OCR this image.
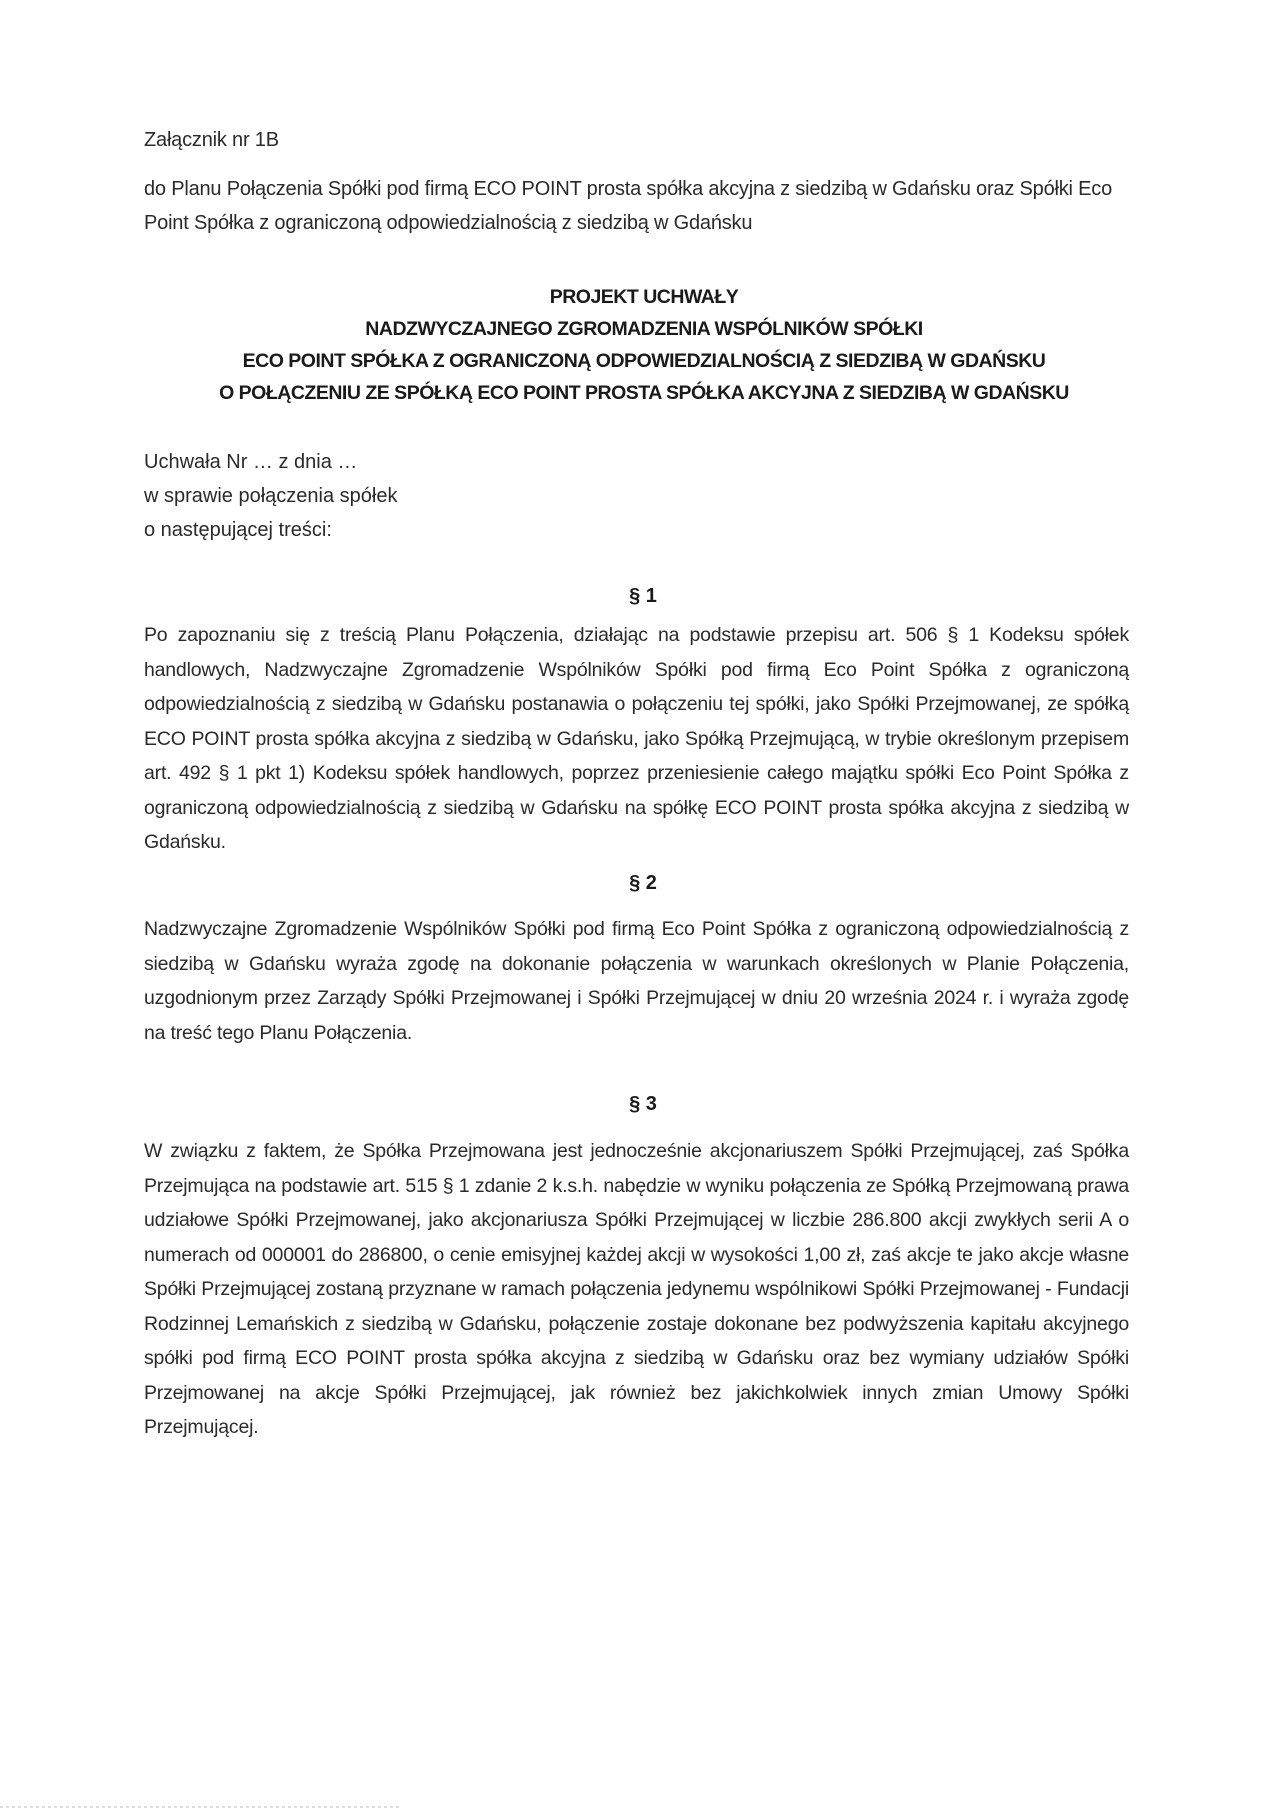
Załącznik nr 1B
do Planu Połączenia Spółki pod firmą ECO POINT prosta spółka akcyjna z siedzibą w Gdańsku oraz Spółki Eco Point Spółka z ograniczoną odpowiedzialnością z siedzibą w Gdańsku
PROJEKT UCHWAŁY
NADZWYCZAJNEGO ZGROMADZENIA WSPÓLNIKÓW SPÓŁKI
ECO POINT SPÓŁKA Z OGRANICZONĄ ODPOWIEDZIALNOŚCIĄ Z SIEDZIBĄ W GDAŃSKU
O POŁĄCZENIU ZE SPÓŁKĄ ECO POINT PROSTA SPÓŁKA AKCYJNA Z SIEDZIBĄ W GDAŃSKU
Uchwała Nr … z dnia …
w sprawie połączenia spółek
o następującej treści:
§ 1
Po zapoznaniu się z treścią Planu Połączenia, działając na podstawie przepisu art. 506 § 1 Kodeksu spółek handlowych, Nadzwyczajne Zgromadzenie Wspólników Spółki pod firmą Eco Point Spółka z ograniczoną odpowiedzialnością z siedzibą w Gdańsku postanawia o połączeniu tej spółki, jako Spółki Przejmowanej, ze spółką ECO POINT prosta spółka akcyjna z siedzibą w Gdańsku, jako Spółką Przejmującą, w trybie określonym przepisem art. 492 § 1 pkt 1) Kodeksu spółek handlowych, poprzez przeniesienie całego majątku spółki Eco Point Spółka z ograniczoną odpowiedzialnością z siedzibą w Gdańsku na spółkę ECO POINT prosta spółka akcyjna z siedzibą w Gdańsku.
§ 2
Nadzwyczajne Zgromadzenie Wspólników Spółki pod firmą Eco Point Spółka z ograniczoną odpowiedzialnością z siedzibą w Gdańsku wyraża zgodę na dokonanie połączenia w warunkach określonych w Planie Połączenia, uzgodnionym przez Zarządy Spółki Przejmowanej i Spółki Przejmującej w dniu 20 września 2024 r. i wyraża zgodę na treść tego Planu Połączenia.
§ 3
W związku z faktem, że Spółka Przejmowana jest jednocześnie akcjonariuszem Spółki Przejmującej, zaś Spółka Przejmująca na podstawie art. 515 § 1 zdanie 2 k.s.h. nabędzie w wyniku połączenia ze Spółką Przejmowaną prawa udziałowe Spółki Przejmowanej, jako akcjonariusza Spółki Przejmującej w liczbie 286.800 akcji zwykłych serii A o numerach od 000001 do 286800, o cenie emisyjnej każdej akcji w wysokości 1,00 zł, zaś akcje te jako akcje własne Spółki Przejmującej zostaną przyznane w ramach połączenia jedynemu wspólnikowi Spółki Przejmowanej - Fundacji Rodzinnej Lemańskich z siedzibą w Gdańsku, połączenie zostaje dokonane bez podwyższenia kapitału akcyjnego spółki pod firmą ECO POINT prosta spółka akcyjna z siedzibą w Gdańsku oraz bez wymiany udziałów Spółki Przejmowanej na akcje Spółki Przejmującej, jak również bez jakichkolwiek innych zmian Umowy Spółki Przejmującej.
